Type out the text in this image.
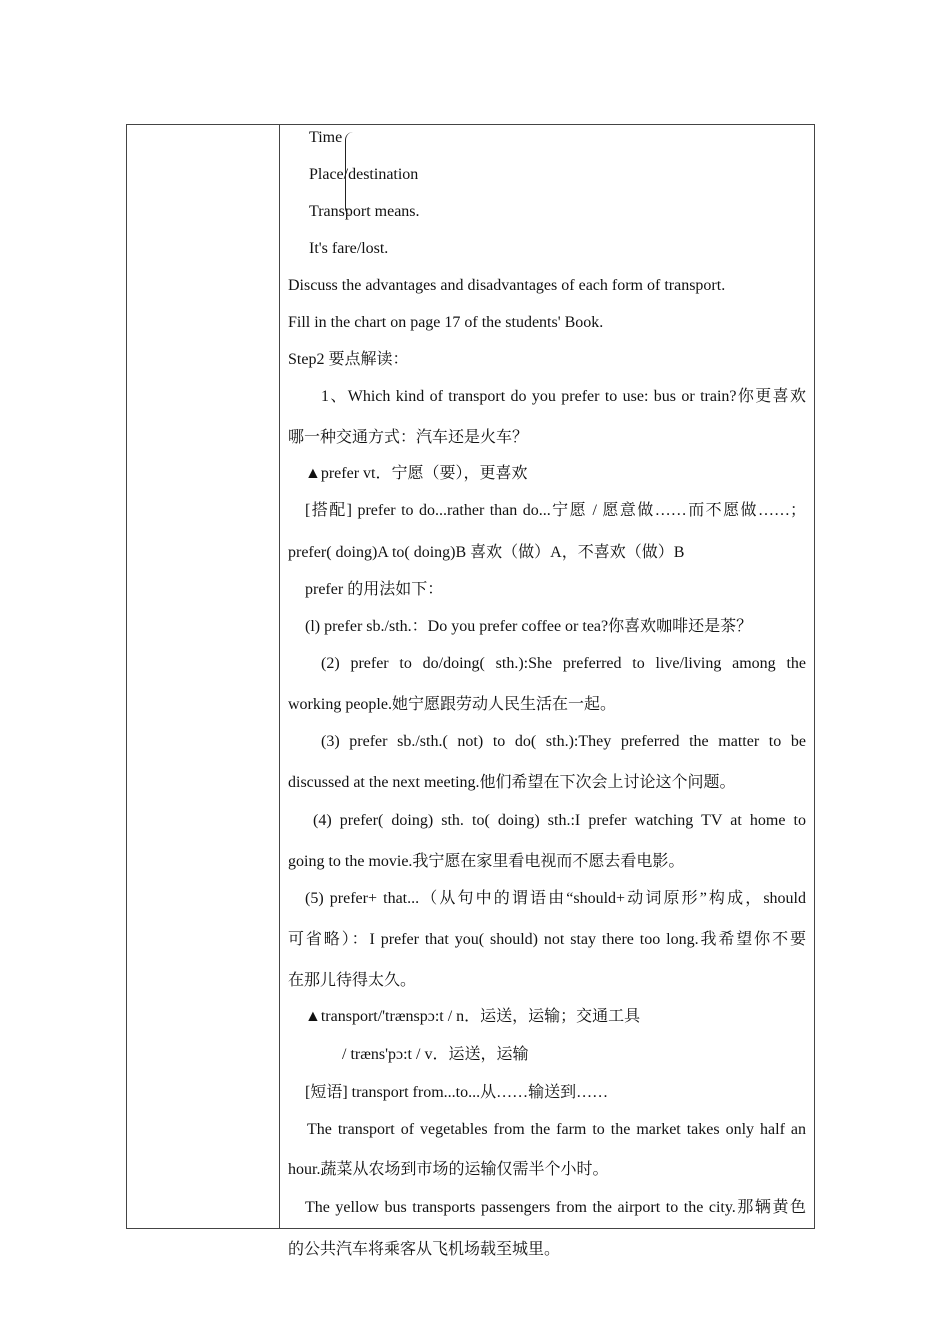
Time
Place/destination
Transport means.
It's fare/lost.
Discuss the advantages and disadvantages of each form of transport.
Fill in the chart on page 17 of the students' Book.
Step2 要点解读：
1、Which kind of transport do you prefer to use: bus or train?你更喜欢
哪一种交通方式：汽车还是火车？
▲prefer vt．宁愿（要），更喜欢
[搭配] prefer to do...rather than do...宁愿 / 愿意做……而不愿做……；
prefer( doing)A to( doing)B 喜欢（做）A，不喜欢（做）B
prefer 的用法如下：
(l) prefer sb./sth.：Do you prefer coffee or tea?你喜欢咖啡还是茶？
(2) prefer to do/doing( sth.):She preferred to live/living among the
working people.她宁愿跟劳动人民生活在一起。
(3) prefer sb./sth.( not) to do( sth.):They preferred the matter to be
discussed at the next meeting.他们希望在下次会上讨论这个问题。
(4) prefer( doing) sth. to( doing) sth.:I prefer watching TV at home to
going to the movie.我宁愿在家里看电视而不愿去看电影。
(5) prefer+ that...（从句中的谓语由“should+动词原形”构成，should
可省略）：I prefer that you( should) not stay there too long.我希望你不要
在那儿待得太久。
▲transport/'trænspɔ:t / n．运送，运输；交通工具
/ træns'pɔ:t / v．运送，运输
[短语] transport from...to...从……输送到……
The transport of vegetables from the farm to the market takes only half an
hour.蔬菜从农场到市场的运输仅需半个小时。
The yellow bus transports passengers from the airport to the city.那辆黄色
的公共汽车将乘客从飞机场载至城里。
